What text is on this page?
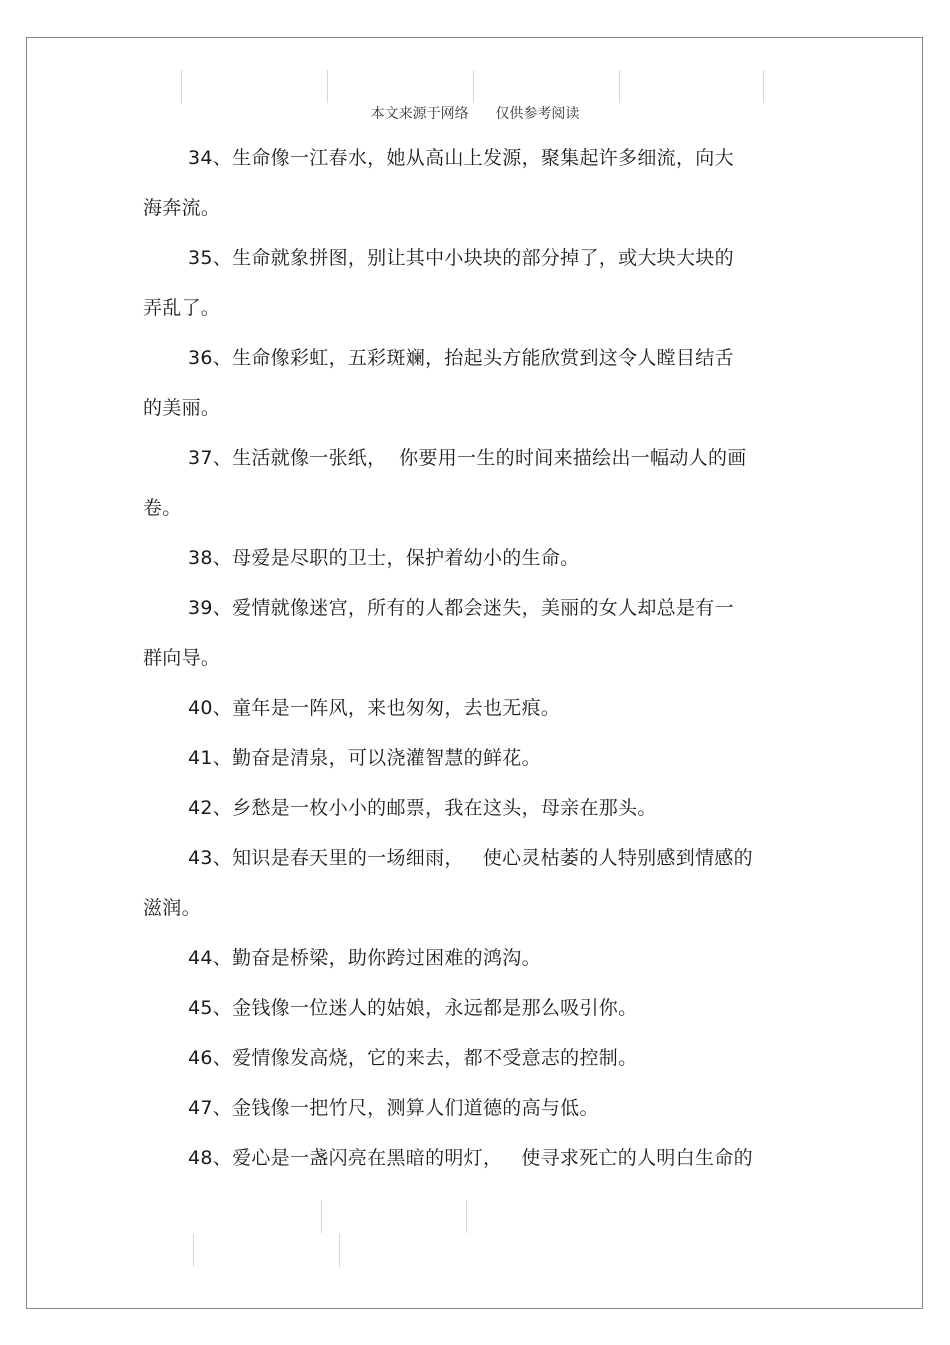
本文来源于网络      仅供参考阅读

34、生命像一江春水，她从高山上发源，聚集起许多细流，向大
海奔流。

35、生命就象拼图，别让其中小块块的部分掉了，或大块大块的
弄乱了。

36、生命像彩虹，五彩斑斓，抬起头方能欣赏到这令人瞠目结舌
的美丽。

37、生活就像一张纸，  你要用一生的时间来描绘出一幅动人的画
卷。

38、母爱是尽职的卫士，保护着幼小的生命。

39、爱情就像迷宫，所有的人都会迷失，美丽的女人却总是有一
群向导。

40、童年是一阵风，来也匆匆，去也无痕。

41、勤奋是清泉，可以浇灌智慧的鲜花。

42、乡愁是一枚小小的邮票，我在这头，母亲在那头。

43、知识是春天里的一场细雨，   使心灵枯萎的人特别感到情感的
滋润。

44、勤奋是桥梁，助你跨过困难的鸿沟。

45、金钱像一位迷人的姑娘，永远都是那么吸引你。

46、爱情像发高烧，它的来去，都不受意志的控制。

47、金钱像一把竹尺，测算人们道德的高与低。

48、爱心是一盏闪亮在黑暗的明灯，   使寻求死亡的人明白生命的
